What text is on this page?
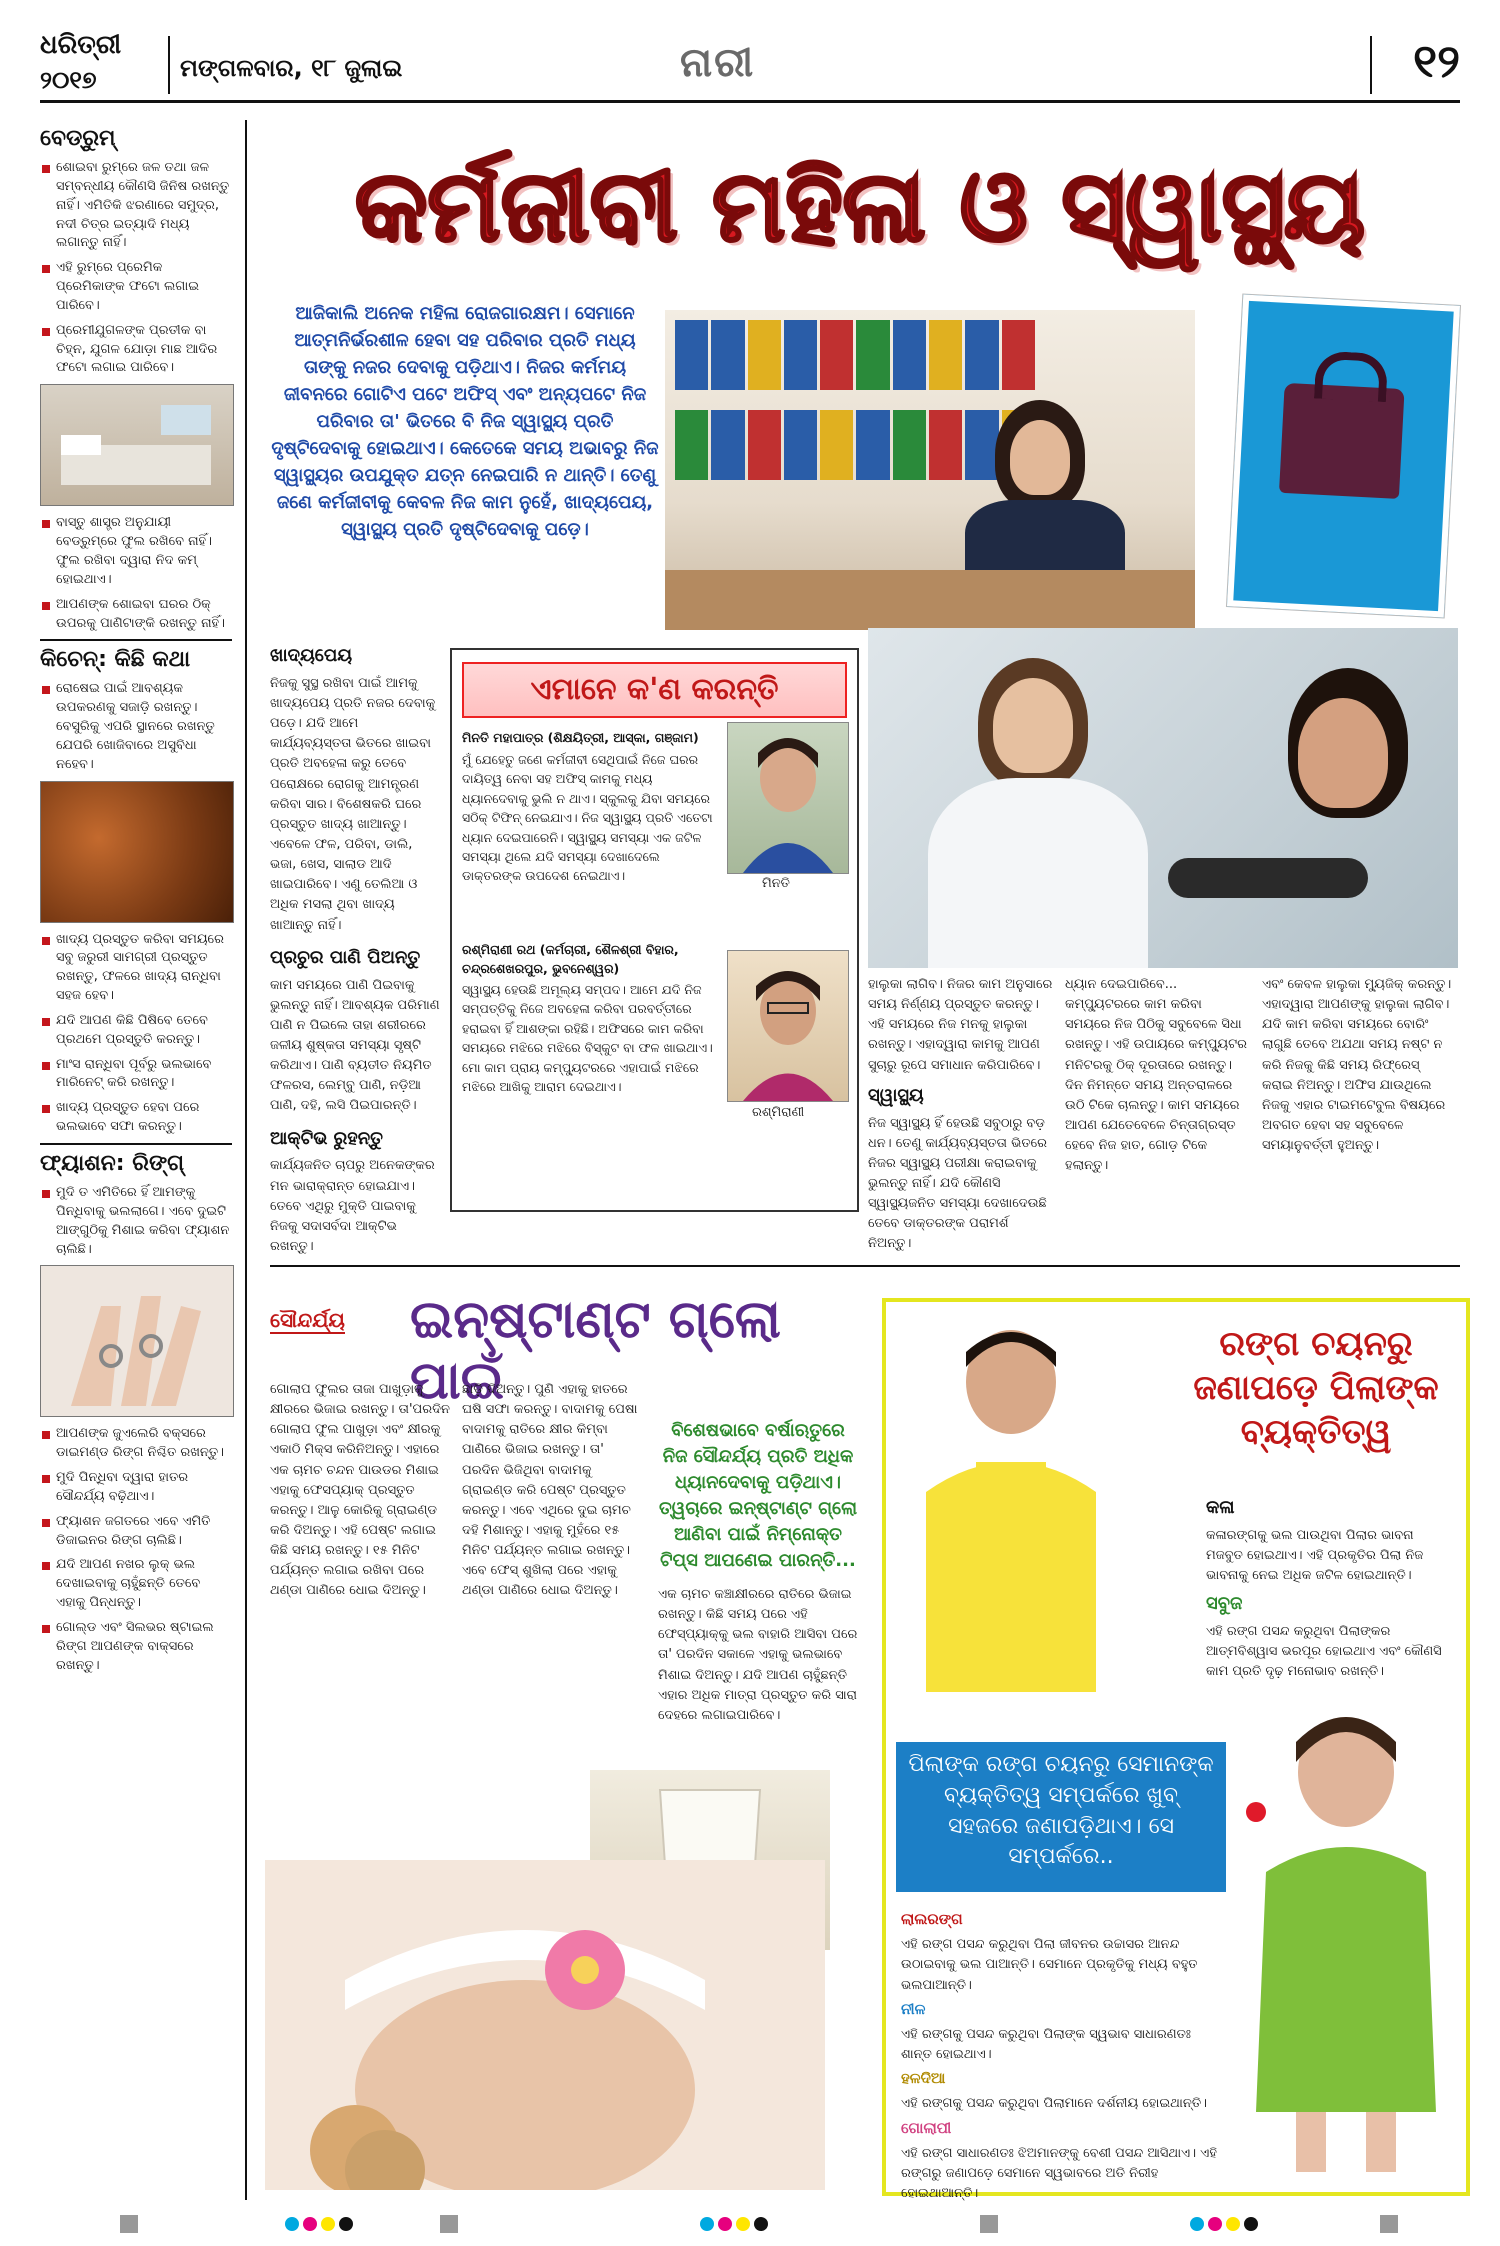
ଧରିତ୍ରୀ
୨୦୧୭	ମଙ୍ଗଳବାର, ୧୮ ଜୁଲାଇ	ନାରୀ	୧୨
ବେଡ୍‌ରୁମ୍

ଶୋଇବା ରୁମ୍‌ରେ ଜଳ ତଥା ଜଳ ସମ୍ବନ୍ଧୀୟ କୌଣସି ଜିନିଷ ରଖନ୍ତୁ ନାହିଁ। ଏମିତିକି ଝରଣାରେ ସମୁଦ୍ର, ନଦୀ ଚିତ୍ର ଇତ୍ୟାଦି ମଧ୍ୟ ଲଗାନ୍ତୁ ନାହିଁ।

ଏହି ରୁମ୍‌ରେ ପ୍ରେମିକ ପ୍ରେମିକାଙ୍କ ଫଟୋ ଲଗାଇ ପାରିବେ।

ପ୍ରେମୀଯୁଗଳଙ୍କ ପ୍ରତୀକ ବା ଚିହ୍ନ, ଯୁଗଳ ଯୋଡ଼ା ମାଛ ଆଦିର ଫଟୋ ଲଗାଇ ପାରିବେ।

ବାସ୍ତୁ ଶାସ୍ତ୍ର ଅନୁଯାୟୀ ବେଡ୍‌ରୁମ୍‌ରେ ଫୁଲ ରଖିବେ ନାହିଁ। ଫୁଲ ରଖିବା ଦ୍ୱାରା ନିଦ କମ୍ ହୋଇଥାଏ।

ଆପଣଙ୍କ ଶୋଇବା ଘରର ଠିକ୍ ଉପରକୁ ପାଣିଟାଙ୍କି ରଖନ୍ତୁ ନାହିଁ।

କିଚେନ୍: କିଛି କଥା

ରୋଷେଇ ପାଇଁ ଆବଶ୍ୟକ ଉପକରଣକୁ ସଜାଡ଼ି ରଖନ୍ତୁ। ବେସୁରିକୁ ଏପରି ସ୍ଥାନରେ ରଖନ୍ତୁ ଯେପରି ଖୋଜିବାରେ ଅସୁବିଧା ନହେବ।

ଖାଦ୍ୟ ପ୍ରସ୍ତୁତ କରିବା ସମୟରେ ସବୁ ଜରୁରୀ ସାମଗ୍ରୀ ପ୍ରସ୍ତୁତ ରଖନ୍ତୁ, ଫଳରେ ଖାଦ୍ୟ ରାନ୍ଧିବା ସହଜ ହେବ।

ଯଦି ଆପଣ କିଛି ପିଷିବେ ତେବେ ପ୍ରଥମେ ପ୍ରସ୍ତୁତି କରନ୍ତୁ।

ମାଂସ ରାନ୍ଧିବା ପୂର୍ବରୁ ଭଲଭାବେ ମାରିନେଟ୍ କରି ରଖନ୍ତୁ।

ଖାଦ୍ୟ ପ୍ରସ୍ତୁତ ହେବା ପରେ ଭଲଭାବେ ସଫା କରନ୍ତୁ।

ଫ୍ୟାଶନ: ରିଙ୍ଗ୍

ମୁଦି ତ ଏମିତିରେ ହିଁ ଆମଙ୍କୁ ପିନ୍ଧିବାକୁ ଭଲଲାଗେ। ଏବେ ଦୁଇଟି ଆଙ୍ଗୁଠିକୁ ମିଶାଇ କରିବା ଫ୍ୟାଶନ ଚାଲିଛି।

ଆପଣଙ୍କ ଜୁଏଲେରି ବକ୍ସରେ ଡାଇମଣ୍ଡ ରିଙ୍ଗ ନିଶ୍ଚିତ ରଖନ୍ତୁ।

ମୁଦି ପିନ୍ଧିବା ଦ୍ୱାରା ହାତର ସୌନ୍ଦର୍ଯ୍ୟ ବଢ଼ିଥାଏ।

ଫ୍ୟାଶନ ଜଗତରେ ଏବେ ଏମିତି ଡିଜାଇନର ରିଙ୍ଗ ଚାଲିଛି।

ଯଦି ଆପଣ ନଖର ଲୁକ୍ ଭଲ ଦେଖାଇବାକୁ ଚାହୁଁଛନ୍ତି ତେବେ ଏହାକୁ ପିନ୍ଧନ୍ତୁ।

ଗୋଲ୍ଡ ଏବଂ ସିଲଭର ଷ୍ଟାଇଲ ରିଙ୍ଗ ଆପଣଙ୍କ ବାକ୍ସରେ ରଖନ୍ତୁ।

କର୍ମଜୀବୀ ମହିଳା ଓ ସ୍ୱାସ୍ଥ୍ୟ
ଆଜିକାଲି ଅନେକ ମହିଳା ରୋଜଗାରକ୍ଷମ। ସେମାନେ ଆତ୍ମନିର୍ଭରଶୀଳ ହେବା ସହ ପରିବାର ପ୍ରତି ମଧ୍ୟ ତାଙ୍କୁ ନଜର ଦେବାକୁ ପଡ଼ିଥାଏ। ନିଜର କର୍ମମୟ ଜୀବନରେ ଗୋଟିଏ ପଟେ ଅଫିସ୍ ଏବଂ ଅନ୍ୟପଟେ ନିଜ ପରିବାର ତା' ଭିତରେ ବି ନିଜ ସ୍ୱାସ୍ଥ୍ୟ ପ୍ରତି ଦୃଷ୍ଟିଦେବାକୁ ହୋଇଥାଏ। କେତେକେ ସମୟ ଅଭାବରୁ ନିଜ ସ୍ୱାସ୍ଥ୍ୟର ଉପଯୁକ୍ତ ଯତ୍ନ ନେଇପାରି ନ ଥାନ୍ତି। ତେଣୁ ଜଣେ କର୍ମଜୀବୀକୁ କେବଳ ନିଜ କାମ ନୁହେଁ, ଖାଦ୍ୟପେୟ, ସ୍ୱାସ୍ଥ୍ୟ ପ୍ରତି ଦୃଷ୍ଟିଦେବାକୁ ପଡ଼େ।
ଖାଦ୍ୟପେୟ
ନିଜକୁ ସୁସ୍ଥ ରଖିବା ପାଇଁ ଆମକୁ ଖାଦ୍ୟପେୟ ପ୍ରତି ନଜର ଦେବାକୁ ପଡ଼େ। ଯଦି ଆମେ କାର୍ଯ୍ୟବ୍ୟସ୍ତତା ଭିତରେ ଖାଇବା ପ୍ରତି ଅବହେଳା କରୁ ତେବେ ପରୋକ୍ଷରେ ରୋଗକୁ ଆମନ୍ତ୍ରଣ କରିବା ସାର। ବିଶେଷକରି ଘରେ ପ୍ରସ୍ତୁତ ଖାଦ୍ୟ ଖାଆନ୍ତୁ। ଏବେଳେ ଫଳ, ପରିବା, ଡାଲି, ଭଜା, ଖେସ, ସାଲାଡ ଆଦି ଖାଇପାରିବେ। ଏଣୁ ତେଲିଆ ଓ ଅଧିକ ମସଲା ଥିବା ଖାଦ୍ୟ ଖାଆନ୍ତୁ ନାହିଁ।
ପ୍ରଚୁର ପାଣି ପିଅନ୍ତୁ
କାମ ସମୟରେ ପାଣି ପିଇବାକୁ ଭୁଲନ୍ତୁ ନାହିଁ। ଆବଶ୍ୟକ ପରିମାଣ ପାଣି ନ ପିଇଲେ ତାହା ଶରୀରରେ ଜଳୀୟ ଶୁଷ୍କତା ସମସ୍ୟା ସୃଷ୍ଟି କରିଥାଏ। ପାଣି ବ୍ୟତୀତ ନିୟମିତ ଫଳରସ, ଲେମ୍ବୁ ପାଣି, ନଡ଼ିଆ ପାଣି, ଦହି, ଲସି ପିଇପାରନ୍ତି।
ଆକ୍ଟିଭ ରୁହନ୍ତୁ
କାର୍ଯ୍ୟଜନିତ ଚାପରୁ ଅନେକଙ୍କର ମନ ଭାରାକ୍ରାନ୍ତ ହୋଇଯାଏ। ତେବେ ଏଥିରୁ ମୁକ୍ତି ପାଇବାକୁ ନିଜକୁ ସଦାସର୍ବଦା ଆକ୍ଟିଭ ରଖନ୍ତୁ।
ଏମାନେ କ'ଣ କରନ୍ତି
ମିନତି ମହାପାତ୍ର (ଶିକ୍ଷୟିତ୍ରୀ, ଆସ୍କା, ଗଞ୍ଜାମ)
ମୁଁ ଯେହେତୁ ଜଣେ କର୍ମଜୀବୀ ସେଥିପାଇଁ ନିଜେ ଘରର ଦାୟିତ୍ୱ ନେବା ସହ ଅଫିସ୍ କାମକୁ ମଧ୍ୟ ଧ୍ୟାନଦେବାକୁ ଭୁଲି ନ ଥାଏ। ସ୍କୁଲକୁ ଯିବା ସମୟରେ ସଠିକ୍ ଟିଫିନ୍ ନେଇଯାଏ। ନିଜ ସ୍ୱାସ୍ଥ୍ୟ ପ୍ରତି ଏତେଟା ଧ୍ୟାନ ଦେଇପାରେନି। ସ୍ୱାସ୍ଥ୍ୟ ସମସ୍ୟା ଏକ ଜଟିଳ ସମସ୍ୟା ଥିଲେ ଯଦି ସମସ୍ୟା ଦେଖାଦେଲେ ଡାକ୍ତରଙ୍କ ଉପଦେଶ ନେଇଥାଏ।
ମିନତି
ରଶ୍ମିରାଣୀ ରଥ (କର୍ମଚାରୀ, ଶୈଳଶ୍ରୀ ବିହାର, ଚନ୍ଦ୍ରଶେଖରପୁର, ଭୁବନେଶ୍ୱର)
ସ୍ୱାସ୍ଥ୍ୟ ହେଉଛି ଅମୂଲ୍ୟ ସମ୍ପଦ। ଆମେ ଯଦି ନିଜ ସମ୍ପତ୍ତିକୁ ନିଜେ ଅବହେଳା କରିବା ପରବର୍ତ୍ତୀରେ ହରାଇବା ହିଁ ଆଶଙ୍କା ରହିଛି। ଅଫିସରେ କାମ କରିବା ସମୟରେ ମଝିରେ ମଝିରେ ବିସ୍କୁଟ ବା ଫଳ ଖାଇଥାଏ। ମୋ କାମ ପ୍ରାୟ କମ୍ପ୍ୟୁଟରରେ ଏହାପାଇଁ ମଝିରେ ମଝିରେ ଆଖିକୁ ଆରାମ ଦେଇଥାଏ।
ରଶ୍ମିରାଣୀ
ହାଲୁକା ଲାଗିବ। ନିଜର କାମ ଅନୁସାରେ ସମୟ ନିର୍ଣ୍ଣୟ ପ୍ରସ୍ତୁତ କରନ୍ତୁ। ଏହି ସମୟରେ ନିଜ ମନକୁ ହାଲୁକା ରଖନ୍ତୁ। ଏହାଦ୍ୱାରା କାମକୁ ଆପଣ ସୁଚାରୁ ରୂପେ ସମାଧାନ କରିପାରିବେ।
ସ୍ୱାସ୍ଥ୍ୟ
ନିଜ ସ୍ୱାସ୍ଥ୍ୟ ହିଁ ହେଉଛି ସବୁଠାରୁ ବଡ଼ ଧନ। ତେଣୁ କାର୍ଯ୍ୟବ୍ୟସ୍ତତା ଭିତରେ ନିଜର ସ୍ୱାସ୍ଥ୍ୟ ପରୀକ୍ଷା କରାଇବାକୁ ଭୁଲନ୍ତୁ ନାହିଁ। ଯଦି କୌଣସି ସ୍ୱାସ୍ଥ୍ୟଜନିତ ସମସ୍ୟା ଦେଖାଦେଉଛି ତେବେ ଡାକ୍ତରଙ୍କ ପରାମର୍ଶ ନିଅନ୍ତୁ।
ଧ୍ୟାନ ଦେଇପାରିବେ... କମ୍ପ୍ୟୁଟରରେ କାମ କରିବା ସମୟରେ ନିଜ ପିଠିକୁ ସବୁବେଳେ ସିଧା ରଖନ୍ତୁ। ଏହି ଉପାୟରେ କମ୍ପ୍ୟୁଟର ମନିଟରକୁ ଠିକ୍ ଦୂରତାରେ ରଖନ୍ତୁ। ଦିନ ନିମନ୍ତେ ସମୟ ଅନ୍ତରାଳରେ ଉଠି ଟିକେ ଚାଲନ୍ତୁ। କାମ ସମୟରେ ଆପଣ ଯେତେବେଳେ ଚିନ୍ତାଗ୍ରସ୍ତ ହେବେ ନିଜ ହାତ, ଗୋଡ଼ ଟିକେ ହଲାନ୍ତୁ।
ଏବଂ କେବଳ ହାଲୁକା ମ୍ୟୁଜିକ୍ କରନ୍ତୁ। ଏହାଦ୍ୱାରା ଆପଣଙ୍କୁ ହାଲୁକା ଲାଗିବ। ଯଦି କାମ କରିବା ସମୟରେ ବୋରିଂ ଲାଗୁଛି ତେବେ ଅଯଥା ସମୟ ନଷ୍ଟ ନ କରି ନିଜକୁ କିଛି ସମୟ ରିଫ୍ରେସ୍ କରାଇ ନିଅନ୍ତୁ। ଅଫିସ ଯାଉଥିଲେ ନିଜକୁ ଏହାର ଟାଇମଟେବୁଲ ବିଷୟରେ ଅବଗତ ହେବା ସହ ସବୁବେଳେ ସମୟାନୁବର୍ତ୍ତୀ ହୁଅନ୍ତୁ।
ସୌନ୍ଦର୍ଯ୍ୟ ଇନ୍‌ଷ୍ଟାଣ୍ଟ ଗ୍ଲୋ ପାଇଁ
ଗୋଲାପ ଫୁଲର ତାଜା ପାଖୁଡ଼ାକୁ କ୍ଷୀରରେ ଭିଜାଇ ରଖନ୍ତୁ। ତା'ପରଦିନ ଗୋଲାପ ଫୁଲ ପାଖୁଡ଼ା ଏବଂ କ୍ଷୀରକୁ ଏକାଠି ମିକ୍ସ କରିନିଅନ୍ତୁ। ଏହାରେ ଏକ ଚାମଚ ଚନ୍ଦନ ପାଉଡର ମିଶାଇ ଏହାକୁ ଫେସପ୍ୟାକ୍ ପ୍ରସ୍ତୁତ କରନ୍ତୁ। ଆଳୁ କୋରିକୁ ଗ୍ରାଇଣ୍ଡ କରି ଦିଅନ୍ତୁ। ଏହି ପେଷ୍ଟ ଲଗାଇ କିଛି ସମୟ ରଖନ୍ତୁ। ୧୫ ମିନିଟ ପର୍ଯ୍ୟନ୍ତ ଲଗାଇ ରଖିବା ପରେ ଥଣ୍ଡା ପାଣିରେ ଧୋଇ ଦିଅନ୍ତୁ।
ଛାଡ଼ି ଦିଅନ୍ତୁ। ପୁଣି ଏହାକୁ ହାତରେ ଘଷି ସଫା କରନ୍ତୁ। ବାଦାମକୁ ପେଷା ବାଦାମକୁ ରାତିରେ କ୍ଷୀର କିମ୍ବା ପାଣିରେ ଭିଜାଇ ରଖନ୍ତୁ। ତା' ପରଦିନ ଭିଜିଥିବା ବାଦାମକୁ ଗ୍ରାଇଣ୍ଡ କରି ପେଷ୍ଟ ପ୍ରସ୍ତୁତ କରନ୍ତୁ। ଏବେ ଏଥିରେ ଦୁଇ ଚାମଚ ଦହି ମିଶାନ୍ତୁ। ଏହାକୁ ମୁହଁରେ ୧୫ ମିନିଟ ପର୍ଯ୍ୟନ୍ତ ଲଗାଇ ରଖନ୍ତୁ। ଏବେ ଫେସ୍ ଶୁଖିଲା ପରେ ଏହାକୁ ଥଣ୍ଡା ପାଣିରେ ଧୋଇ ଦିଅନ୍ତୁ।
ବିଶେଷଭାବେ ବର୍ଷାଋତୁରେ ନିଜ ସୌନ୍ଦର୍ଯ୍ୟ ପ୍ରତି ଅଧିକ ଧ୍ୟାନଦେବାକୁ ପଡ଼ିଥାଏ। ତ୍ୱଚାରେ ଇନ୍‌ଷ୍ଟାଣ୍ଟ ଗ୍ଲୋ ଆଣିବା ପାଇଁ ନିମ୍ନୋକ୍ତ ଟିପ୍ସ ଆପଣେଇ ପାରନ୍ତି...
ଏକ ଚାମଚ କଞ୍ଚାକ୍ଷୀରରେ ରାତିରେ ଭିଜାଇ ରଖନ୍ତୁ। କିଛି ସମୟ ପରେ ଏହି ଫେସ୍‌ପ୍ୟାକ୍‌କୁ ଭଲ ବାହାରି ଆସିବା ପରେ ତା' ପରଦିନ ସକାଳେ ଏହାକୁ ଭଲଭାବେ ମିଶାଇ ଦିଅନ୍ତୁ। ଯଦି ଆପଣ ଚାହୁଁଛନ୍ତି ଏହାର ଅଧିକ ମାତ୍ରା ପ୍ରସ୍ତୁତ କରି ସାରା ଦେହରେ ଲଗାଇପାରିବେ।
ରଙ୍ଗ ଚୟନରୁ ଜଣାପଡ଼େ ପିଲାଙ୍କ ବ୍ୟକ୍ତିତ୍ୱ
କଳା
କଳାରଙ୍ଗକୁ ଭଲ ପାଉଥିବା ପିଲାର ଭାବନା ମଜବୁତ ହୋଇଥାଏ। ଏହି ପ୍ରକୃତିର ପିଲା ନିଜ ଭାବନାକୁ ନେଇ ଅଧିକ ଜଟିଳ ହୋଇଥାନ୍ତି।
ସବୁଜ
ଏହି ରଙ୍ଗ ପସନ୍ଦ କରୁଥିବା ପିଲାଙ୍କର ଆତ୍ମବିଶ୍ୱାସ ଭରପୂର ହୋଇଥାଏ ଏବଂ କୌଣସି କାମ ପ୍ରତି ଦୃଢ଼ ମନୋଭାବ ରଖନ୍ତି।
ପିଲାଙ୍କ ରଙ୍ଗ ଚୟନରୁ ସେମାନଙ୍କ ବ୍ୟକ୍ତିତ୍ୱ ସମ୍ପର୍କରେ ଖୁବ୍ ସହଜରେ ଜଣାପଡ଼ିଥାଏ। ସେ ସମ୍ପର୍କରେ..
ଲାଲରଙ୍ଗ
ଏହି ରଙ୍ଗ ପସନ୍ଦ କରୁଥିବା ପିଲା ଜୀବନର ଉଚ୍ଚାସର ଆନନ୍ଦ ଉଠାଇବାକୁ ଭଲ ପାଆନ୍ତି। ସେମାନେ ପ୍ରକୃତିକୁ ମଧ୍ୟ ବହୁତ ଭଲପାଆନ୍ତି।
ନୀଳ
ଏହି ରଙ୍ଗକୁ ପସନ୍ଦ କରୁଥିବା ପିଲାଙ୍କ ସ୍ୱଭାବ ସାଧାରଣତଃ ଶାନ୍ତ ହୋଇଥାଏ।
ହଳଦିଆ
ଏହି ରଙ୍ଗକୁ ପସନ୍ଦ କରୁଥିବା ପିଲାମାନେ ଦର୍ଶନୀୟ ହୋଇଥାନ୍ତି।
ଗୋଲାପୀ
ଏହି ରଙ୍ଗ ସାଧାରଣତଃ ଝିଅମାନଙ୍କୁ ବେଶୀ ପସନ୍ଦ ଆସିଥାଏ। ଏହି ରଙ୍ଗରୁ ଜଣାପଡ଼େ ସେମାନେ ସ୍ୱଭାବରେ ଅତି ନିରୀହ ହୋଇଥାଆନ୍ତି।
